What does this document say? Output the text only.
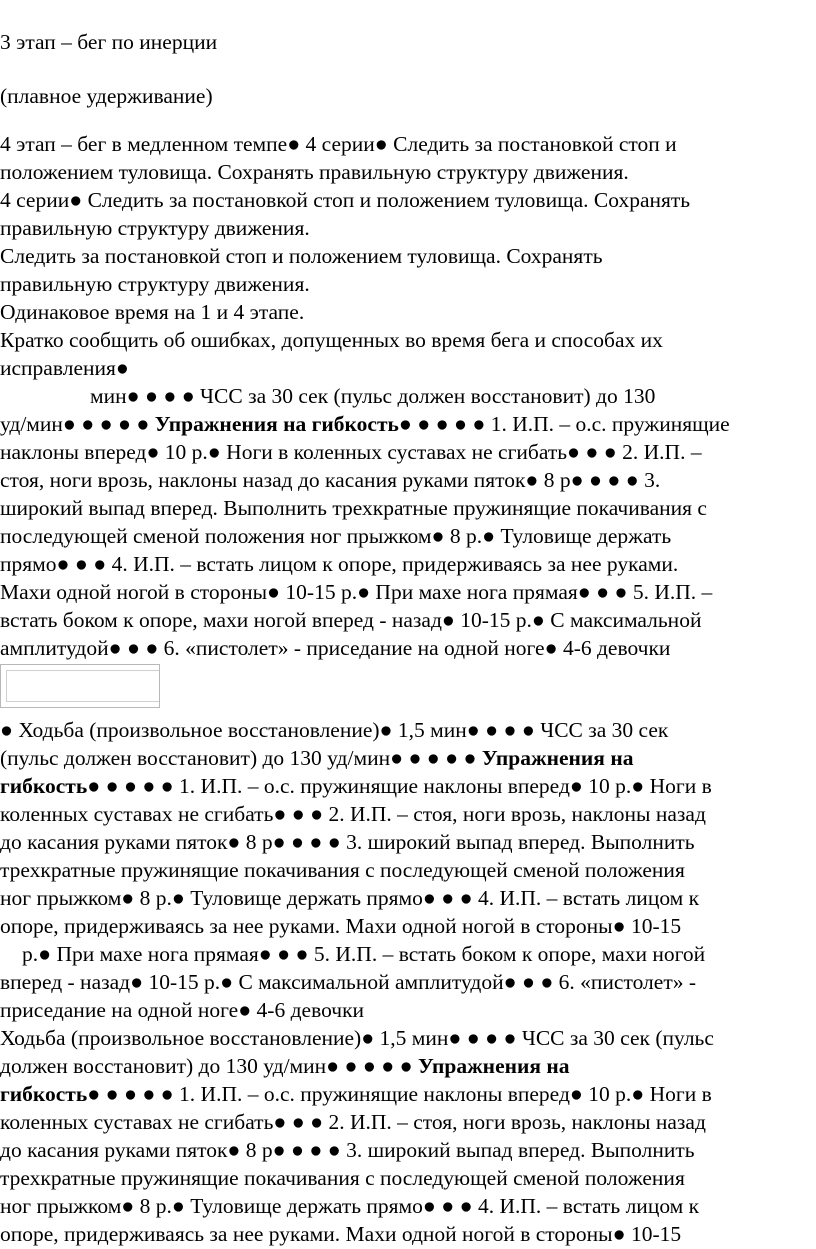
3 этап – бег по инерции
(плавное удерживание)
4 этап – бег в медленном темпе● 4 серии● Следить за постановкой стоп и
положением туловища. Сохранять правильную структуру движения.
4 серии● Следить за постановкой стоп и положением туловища. Сохранять
правильную структуру движения.
Следить за постановкой стоп и положением туловища. Сохранять
правильную структуру движения.
Одинаковое время на 1 и 4 этапе.
Кратко сообщить об ошибках, допущенных во время бега и способах их
исправления●
мин● ● ● ● ЧСС за 30 сек (пульс должен восстановит) до 130
уд/мин● ● ● ● ● Упражнения на гибкость● ● ● ● ● 1. И.П. – о.с. пружинящие
наклоны вперед● 10 р.● Ноги в коленных суставах не сгибать● ● ● 2. И.П. –
стоя, ноги врозь, наклоны назад до касания руками пяток● 8 р● ● ● ● 3.
широкий выпад вперед. Выполнить трехкратные пружинящие покачивания с
последующей сменой положения ног прыжком● 8 р.● Туловище держать
прямо● ● ● 4. И.П. – встать лицом к опоре, придерживаясь за нее руками.
Махи одной ногой в стороны● 10-15 р.● При махе нога прямая● ● ● 5. И.П. –
встать боком к опоре, махи ногой вперед - назад● 10-15 р.● С максимальной
амплитудой● ● ● 6. «пистолет» - приседание на одной ноге● 4-6 девочки
● Ходьба (произвольное восстановление)● 1,5 мин● ● ● ● ЧСС за 30 сек
(пульс должен восстановит) до 130 уд/мин● ● ● ● ● Упражнения на
гибкость● ● ● ● ● 1. И.П. – о.с. пружинящие наклоны вперед● 10 р.● Ноги в
коленных суставах не сгибать● ● ● 2. И.П. – стоя, ноги врозь, наклоны назад
до касания руками пяток● 8 р● ● ● ● 3. широкий выпад вперед. Выполнить
трехкратные пружинящие покачивания с последующей сменой положения
ног прыжком● 8 р.● Туловище держать прямо● ● ● 4. И.П. – встать лицом к
опоре, придерживаясь за нее руками. Махи одной ногой в стороны● 10-15
р.● При махе нога прямая● ● ● 5. И.П. – встать боком к опоре, махи ногой
вперед - назад● 10-15 р.● С максимальной амплитудой● ● ● 6. «пистолет» -
приседание на одной ноге● 4-6 девочки
Ходьба (произвольное восстановление)● 1,5 мин● ● ● ● ЧСС за 30 сек (пульс
должен восстановит) до 130 уд/мин● ● ● ● ● Упражнения на
гибкость● ● ● ● ● 1. И.П. – о.с. пружинящие наклоны вперед● 10 р.● Ноги в
коленных суставах не сгибать● ● ● 2. И.П. – стоя, ноги врозь, наклоны назад
до касания руками пяток● 8 р● ● ● ● 3. широкий выпад вперед. Выполнить
трехкратные пружинящие покачивания с последующей сменой положения
ног прыжком● 8 р.● Туловище держать прямо● ● ● 4. И.П. – встать лицом к
опоре, придерживаясь за нее руками. Махи одной ногой в стороны● 10-15
